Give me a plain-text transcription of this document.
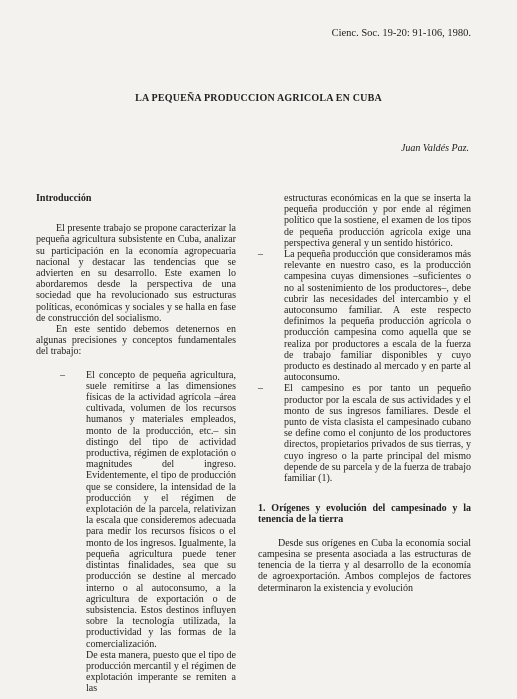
Cienc. Soc. 19-20: 91-106, 1980.
LA PEQUEÑA PRODUCCION AGRICOLA EN CUBA
Juan Valdés Paz.
Introducción

El presente trabajo se propone caracterizar la pequeña agricultura subsistente en Cuba, analizar su participación en la economía agropecuaria nacional y destacar las tendencias que se advierten en su desarrollo. Este examen lo abordaremos desde la perspectiva de una sociedad que ha revolucionado sus estructuras políticas, económicas y sociales y se halla en fase de construcción del socialismo.

En este sentido debemos detenernos en algunas precisiones y conceptos fundamentales del trabajo:

–	El concepto de pequeña agricultura, suele remitirse a las dimensiones físicas de la actividad agrícola –área cultivada, volumen de los recursos humanos y materiales empleados, monto de la producción, etc.– sin distingo del tipo de actividad productiva, régimen de explotación o magnitudes del ingreso. Evidentemente, el tipo de producción que se considere, la intensidad de la producción y el régimen de explotación de la parcela, relativizan la escala que consideremos adecuada para medir los recursos físicos o el monto de los ingresos. Igualmente, la pequeña agricultura puede tener distintas finalidades, sea que su producción se destine al mercado interno o al autoconsumo, a la agricultura de exportación o de subsistencia. Estos destinos influyen sobre la tecnología utilizada, la productividad y las formas de la comercialización.

De esta manera, puesto que el tipo de producción mercantil y el régimen de explotación imperante se remiten a las

estructuras económicas en la que se inserta la pequeña producción y por ende al régimen político que la sostiene, el examen de los tipos de pequeña producción agrícola exige una perspectiva general y un sentido histórico.

–	La pequeña producción que consideramos más relevante en nuestro caso, es la producción campesina cuyas dimensiones –suficientes o no al sostenimiento de los productores–, debe cubrir las necesidades del intercambio y el autoconsumo familiar. A este respecto definimos la pequeña producción agrícola o producción campesina como aquella que se realiza por productores a escala de la fuerza de trabajo familiar disponibles y cuyo producto es destinado al mercado y en parte al autoconsumo.

–	El campesino es por tanto un pequeño productor por la escala de sus actividades y el monto de sus ingresos familiares. Desde el punto de vista clasista el campesinado cubano se define como el conjunto de los productores directos, propietarios privados de sus tierras, y cuyo ingreso o la parte principal del mismo depende de su parcela y de la fuerza de trabajo familiar (1).

1. Orígenes y evolución del campesinado y la tenencia de la tierra

Desde sus orígenes en Cuba la economía social campesina se presenta asociada a las estructuras de tenencia de la tierra y al desarrollo de la economía de agroexportación. Ambos complejos de factores determinaron la existencia y evolución
